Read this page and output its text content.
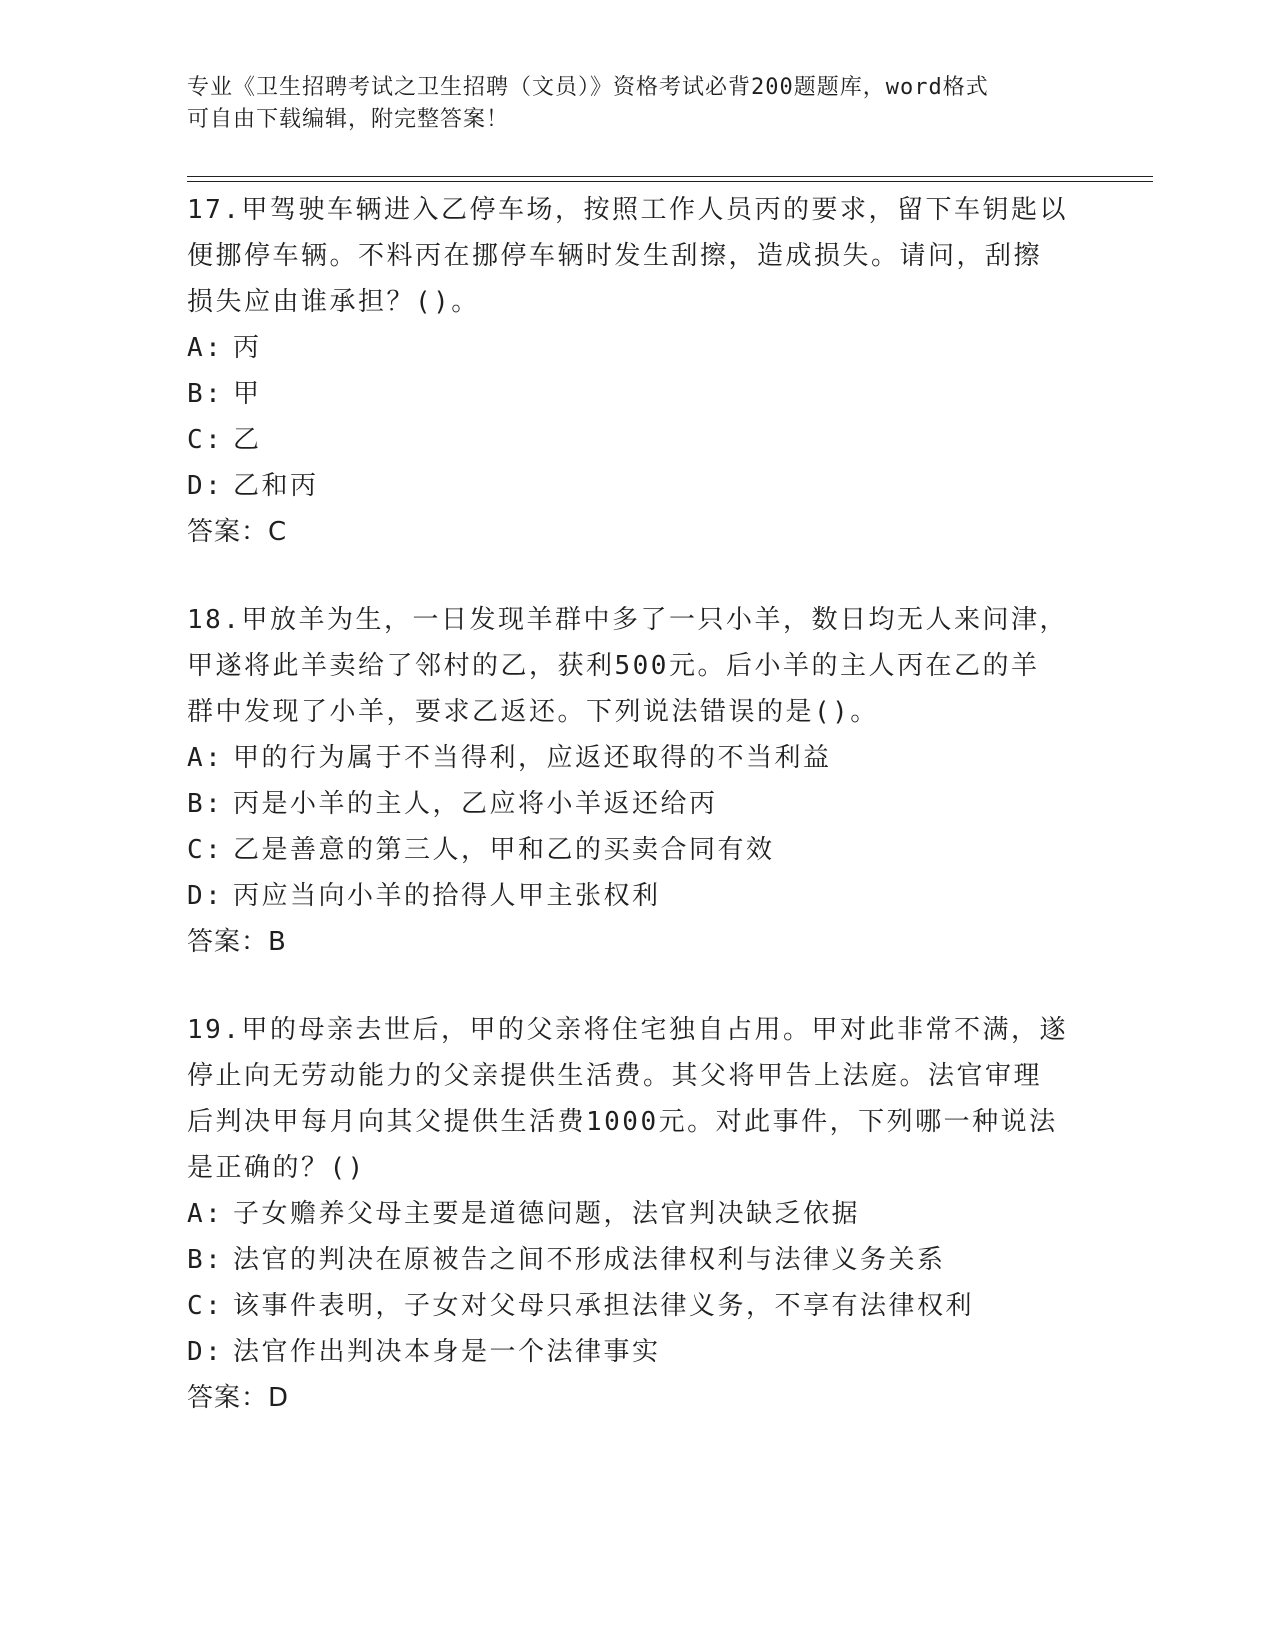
专业《卫生招聘考试之卫生招聘（文员）》资格考试必背200题题库，word格式
可自由下载编辑，附完整答案！
17.甲驾驶车辆进入乙停车场，按照工作人员丙的要求，留下车钥匙以
便挪停车辆。不料丙在挪停车辆时发生刮擦，造成损失。请问，刮擦
损失应由谁承担？()。
A: 丙
B: 甲
C: 乙
D: 乙和丙
答案：C
18.甲放羊为生，一日发现羊群中多了一只小羊，数日均无人来问津，
甲遂将此羊卖给了邻村的乙，获利500元。后小羊的主人丙在乙的羊
群中发现了小羊，要求乙返还。下列说法错误的是()。
A: 甲的行为属于不当得利，应返还取得的不当利益
B: 丙是小羊的主人，乙应将小羊返还给丙
C: 乙是善意的第三人，甲和乙的买卖合同有效
D: 丙应当向小羊的拾得人甲主张权利
答案：B
19.甲的母亲去世后，甲的父亲将住宅独自占用。甲对此非常不满，遂
停止向无劳动能力的父亲提供生活费。其父将甲告上法庭。法官审理
后判决甲每月向其父提供生活费1000元。对此事件，下列哪一种说法
是正确的？()
A: 子女赡养父母主要是道德问题，法官判决缺乏依据
B: 法官的判决在原被告之间不形成法律权利与法律义务关系
C: 该事件表明，子女对父母只承担法律义务，不享有法律权利
D: 法官作出判决本身是一个法律事实
答案：D
